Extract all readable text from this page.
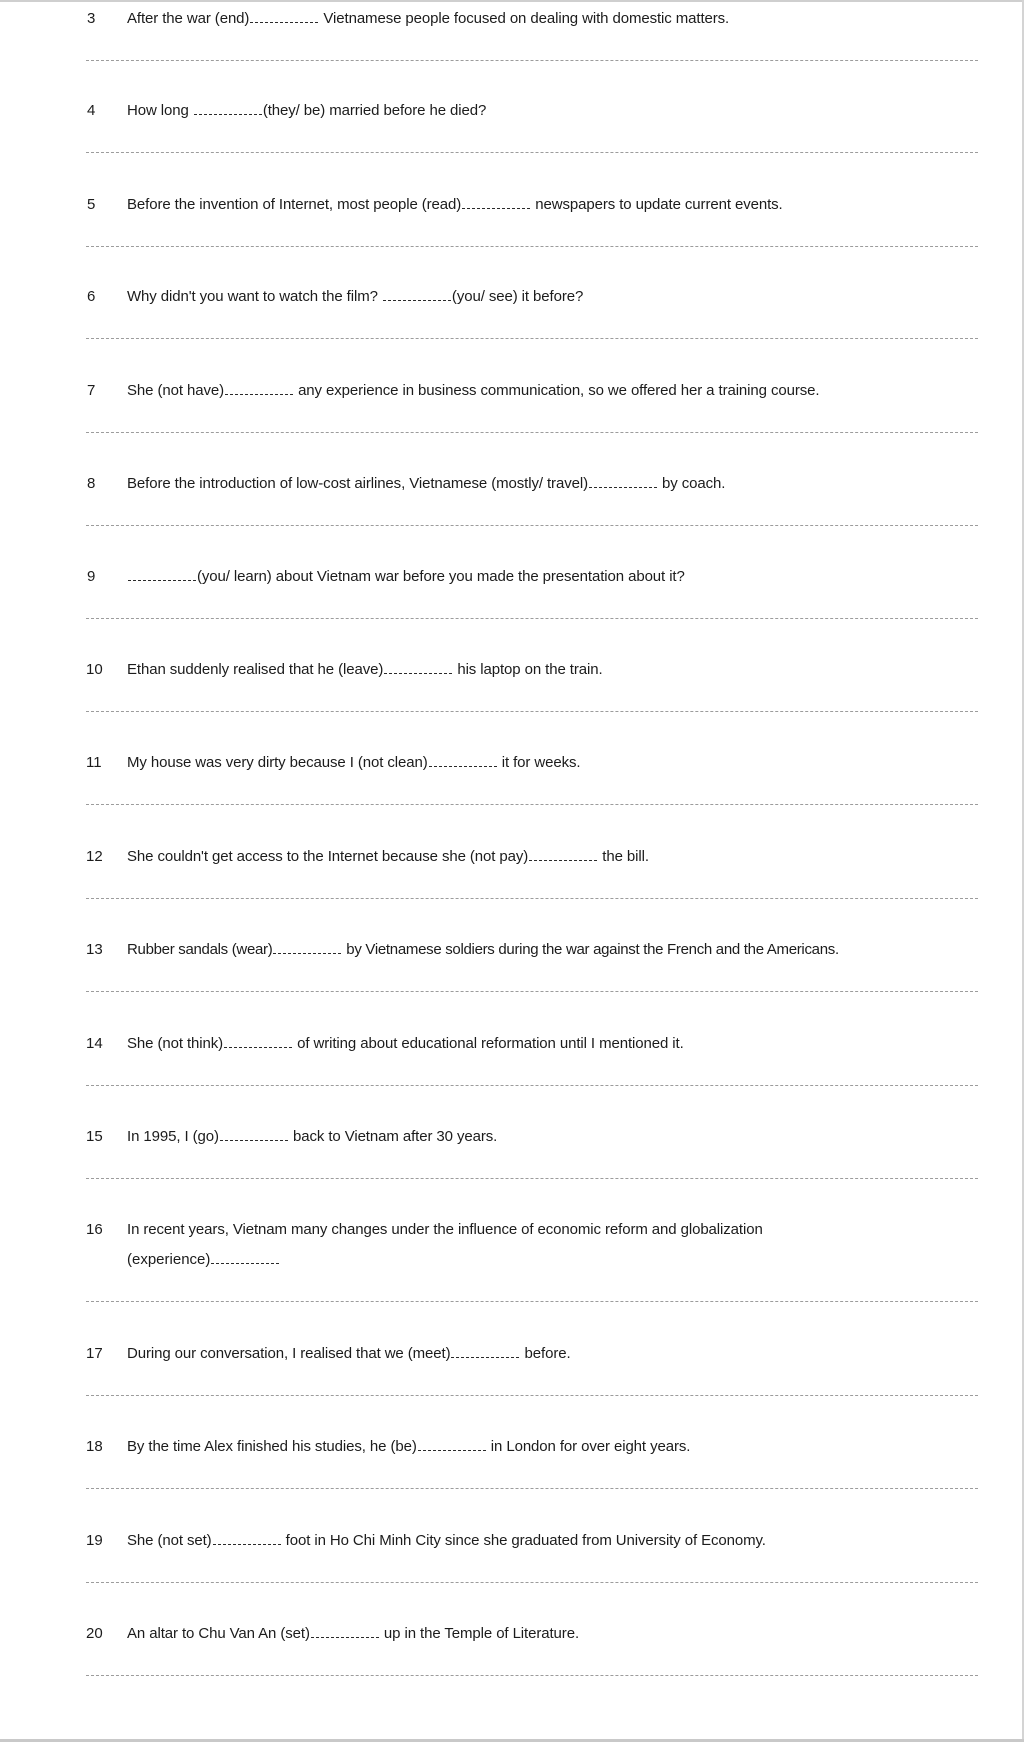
3 After the war (end)	Vietnamese people focused on dealing with domestic matters.
4 How long	(they/ be) married before he died?
5 Before the invention of Internet, most people (read)	newspapers to update current events.
6 Why didn't you want to watch the film?	(you/ see) it before?
7 She (not have)	any experience in business communication, so we offered her a training course.
8 Before the introduction of low-cost airlines, Vietnamese (mostly/ travel)	by coach.
9	(you/ learn) about Vietnam war before you made the presentation about it?
10 Ethan suddenly realised that he (leave)	his laptop on the train.
11 My house was very dirty because I (not clean)	it for weeks.
12 She couldn't get access to the Internet because she (not pay)	the bill.
13 Rubber sandals (wear)	by Vietnamese soldiers during the war against the French and the Americans.
14 She (not think)	of writing about educational reformation until I mentioned it.
15 In 1995, I (go)	back to Vietnam after 30 years.
16 In recent years, Vietnam many changes under the influence of economic reform and globalization
(experience)
17 During our conversation, I realised that we (meet)	before.
18 By the time Alex finished his studies, he (be)	in London for over eight years.
19 She (not set)	foot in Ho Chi Minh City since she graduated from University of Economy.
20 An altar to Chu Van An (set)	up in the Temple of Literature.
